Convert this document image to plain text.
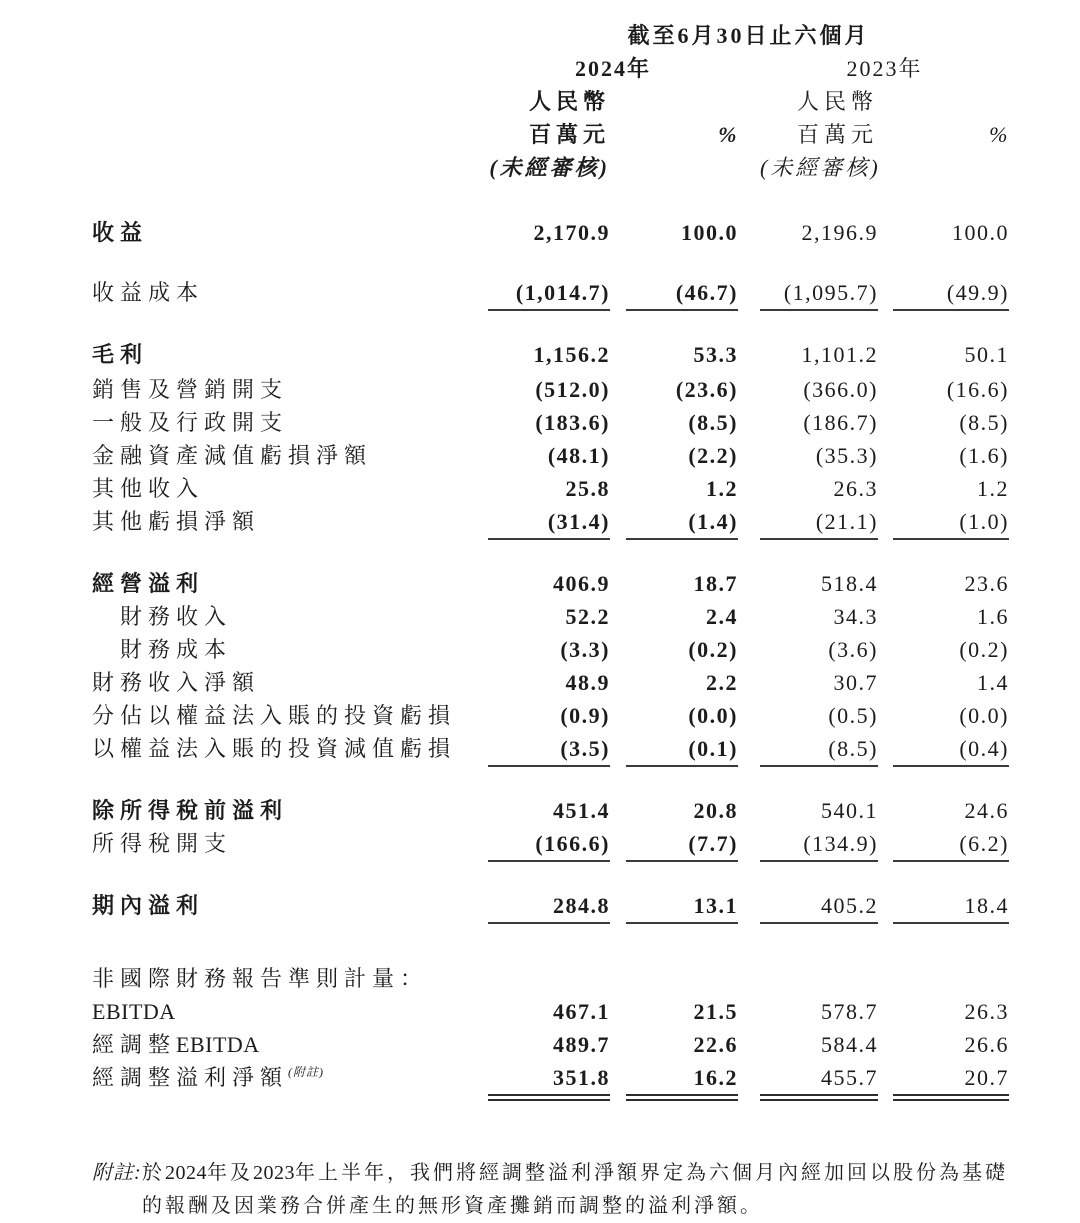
截至6月30日止六個月
2024年	2023年
人民幣	人民幣
百萬元	%	百萬元	%
(未經審核)	(未經審核)
收益	2,170.9	100.0	2,196.9	100.0
收益成本	(1,014.7)	(46.7)	(1,095.7)	(49.9)
毛利	1,156.2	53.3	1,101.2	50.1
銷售及營銷開支	(512.0)	(23.6)	(366.0)	(16.6)
一般及行政開支	(183.6)	(8.5)	(186.7)	(8.5)
金融資產減值虧損淨額	(48.1)	(2.2)	(35.3)	(1.6)
其他收入	25.8	1.2	26.3	1.2
其他虧損淨額	(31.4)	(1.4)	(21.1)	(1.0)
經營溢利	406.9	18.7	518.4	23.6
財務收入	52.2	2.4	34.3	1.6
財務成本	(3.3)	(0.2)	(3.6)	(0.2)
財務收入淨額	48.9	2.2	30.7	1.4
分佔以權益法入賬的投資虧損	(0.9)	(0.0)	(0.5)	(0.0)
以權益法入賬的投資減值虧損	(3.5)	(0.1)	(8.5)	(0.4)
除所得稅前溢利	451.4	20.8	540.1	24.6
所得稅開支	(166.6)	(7.7)	(134.9)	(6.2)
期內溢利	284.8	13.1	405.2	18.4
非國際財務報告準則計量：
EBITDA	467.1	21.5	578.7	26.3
經調整EBITDA	489.7	22.6	584.4	26.6
經調整溢利淨額$^{(附註)}$	351.8	16.2	455.7	20.7
附註: 於2024年及2023年上半年，我們將經調整溢利淨額界定為六個月內經加回以股份為基礎
的報酬及因業務合併產生的無形資產攤銷而調整的溢利淨額。
